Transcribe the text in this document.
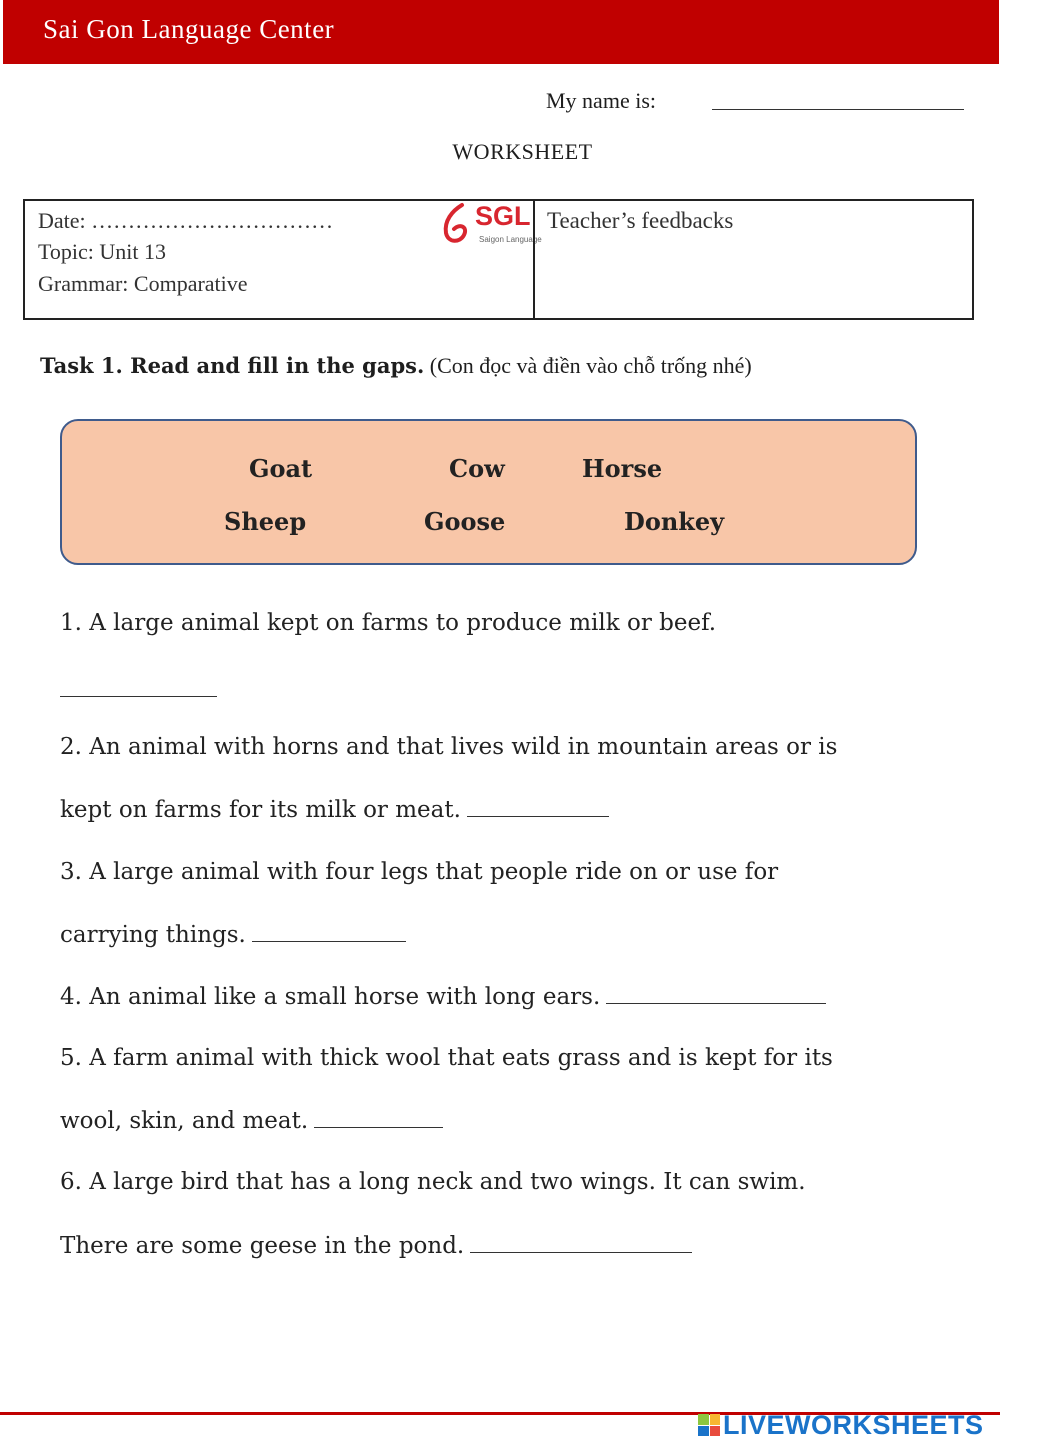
Sai Gon Language Center
My name is:
WORKSHEET
Date: ……………………………
Topic: Unit 13
Grammar: Comparative
SGL
Saigon Language
Teacher’s feedbacks
Task 1. Read and fill in the gaps. (Con đọc và điền vào chỗ trống nhé)
Goat	Cow	Horse
Sheep	Goose	Donkey
1. A large animal kept on farms to produce milk or beef.
2. An animal with horns and that lives wild in mountain areas or is
kept on farms for its milk or meat.
3. A large animal with four legs that people ride on or use for
carrying things.
4. An animal like a small horse with long ears.
5. A farm animal with thick wool that eats grass and is kept for its
wool, skin, and meat.
6. A large bird that has a long neck and two wings. It can swim.
There are some geese in the pond.
LIVEWORKSHEETS
